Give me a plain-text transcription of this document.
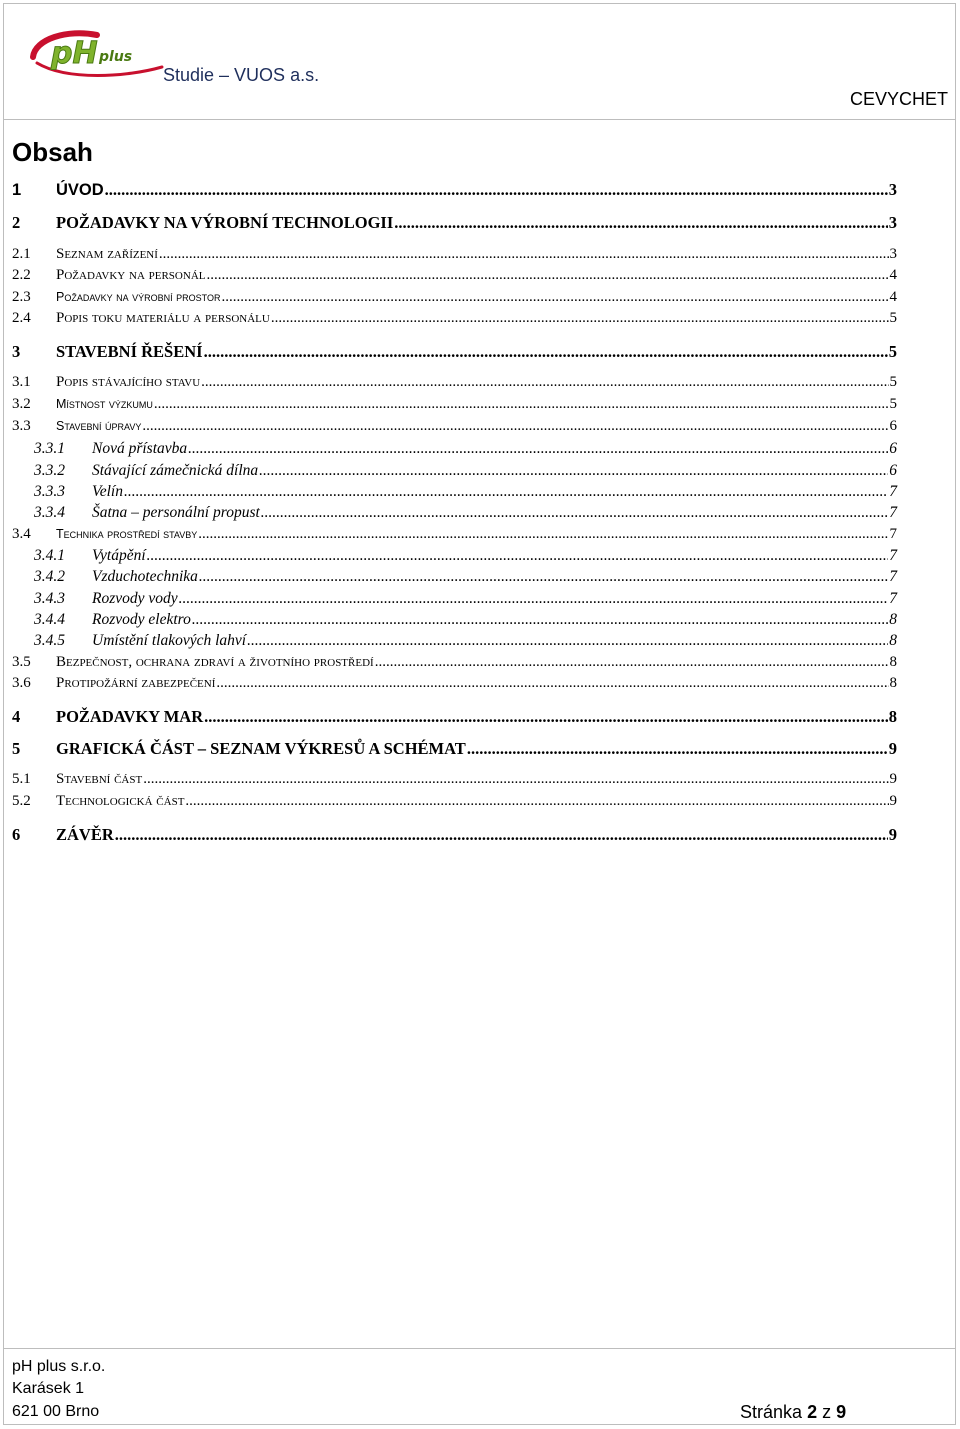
pH plus
Studie – VUOS a.s.
CEVYCHET
Obsah
1	ÚVOD .....	3
2	POŽADAVKY NA VÝROBNÍ TECHNOLOGII .....	3
2.1	Seznam zařízení .....	3
2.2	Požadavky na personál .....	4
2.3	Požadavky na výrobní prostor .....	4
2.4	Popis toku materiálu a personálu .....	5
3	STAVEBNÍ ŘEŠENÍ .....	5
3.1	Popis stávajícího stavu .....	5
3.2	Místnost výzkumu .....	5
3.3	Stavební úpravy .....	6
3.3.1	Nová přístavba .....	6
3.3.2	Stávající zámečnická dílna .....	6
3.3.3	Velín .....	7
3.3.4	Šatna – personální propust .....	7
3.4	Technika prostředí stavby .....	7
3.4.1	Vytápění .....	7
3.4.2	Vzduchotechnika .....	7
3.4.3	Rozvody vody .....	7
3.4.4	Rozvody elektro .....	8
3.4.5	Umístění tlakových lahví .....	8
3.5	Bezpečnost, ochrana zdraví a životního prostředí .....	8
3.6	Protipožární zabezpečení .....	8
4	POŽADAVKY MAR .....	8
5	GRAFICKÁ ČÁST – SEZNAM VÝKRESŮ A SCHÉMAT .....	9
5.1	Stavební část .....	9
5.2	Technologická část .....	9
6	ZÁVĚR .....	9
pH plus s.r.o.
Karásek 1
621 00 Brno	Stránka 2 z 9
